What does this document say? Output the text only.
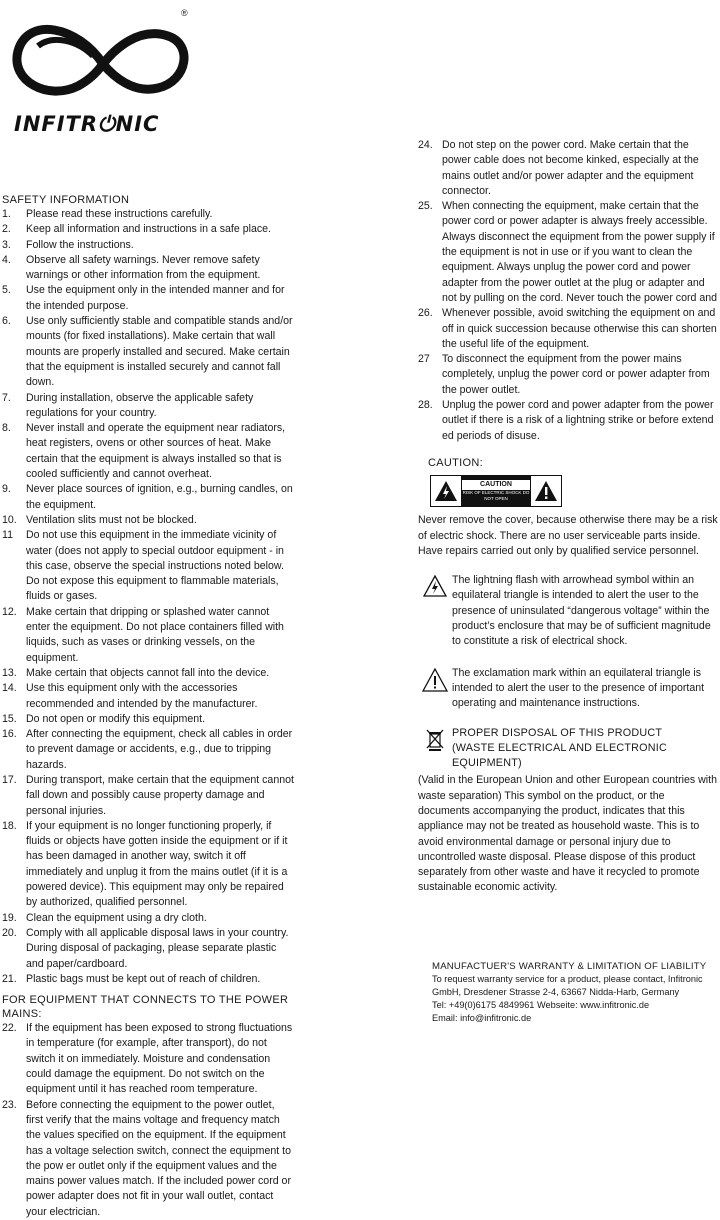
®
INFITR⏻NIC
SAFETY INFORMATION
1. Please read these instructions carefully.
2. Keep all information and instructions in a safe place.
3. Follow the instructions.
4. Observe all safety warnings. Never remove safety warnings or other information from the equipment.
5. Use the equipment only in the intended manner and for the intended purpose.
6. Use only sufficiently stable and compatible stands and/or mounts (for fixed installations). Make certain that wall mounts are properly installed and secured. Make certain that the equipment is installed securely and cannot fall down.
7. During installation, observe the applicable safety regulations for your country.
8. Never install and operate the equipment near radiators, heat registers, ovens or other sources of heat. Make certain that the equipment is always installed so that is cooled sufficiently and cannot overheat.
9. Never place sources of ignition, e.g., burning candles, on the equipment.
10. Ventilation slits must not be blocked.
11 Do not use this equipment in the immediate vicinity of water (does not apply to special outdoor equipment - in this case, observe the special instructions noted below. Do not expose this equipment to flammable materials, fluids or gases.
12. Make certain that dripping or splashed water cannot enter the equipment. Do not place containers filled with liquids, such as vases or drinking vessels, on the equipment.
13. Make certain that objects cannot fall into the device.
14. Use this equipment only with the accessories recommended and intended by the manufacturer.
15. Do not open or modify this equipment.
16. After connecting the equipment, check all cables in order to prevent damage or accidents, e.g., due to tripping hazards.
17. During transport, make certain that the equipment cannot fall down and possibly cause property damage and personal injuries.
18. If your equipment is no longer functioning properly, if fluids or objects have gotten inside the equipment or if it has been damaged in another way, switch it off immediately and unplug it from the mains outlet (if it is a powered device). This equipment may only be repaired by authorized, qualified personnel.
19. Clean the equipment using a dry cloth.
20. Comply with all applicable disposal laws in your country. During disposal of packaging, please separate plastic and paper/cardboard.
21. Plastic bags must be kept out of reach of children.
FOR EQUIPMENT THAT CONNECTS TO THE POWER MAINS:
22. If the equipment has been exposed to strong fluctuations in temperature (for example, after transport), do not switch it on immediately. Moisture and condensation could damage the equipment. Do not switch on the equipment until it has reached room temperature.
23. Before connecting the equipment to the power outlet, first verify that the mains voltage and frequency match the values specified on the equipment. If the equipment has a voltage selection switch, connect the equipment to the pow er outlet only if the equipment values and the mains power values match. If the included power cord or power adapter does not fit in your wall outlet, contact your electrician.
24. Do not step on the power cord. Make certain that the power cable does not become kinked, especially at the mains outlet and/or power adapter and the equipment connector.
25. When connecting the equipment, make certain that the power cord or power adapter is always freely accessible. Always disconnect the equipment from the power supply if the equipment is not in use or if you want to clean the equipment. Always unplug the power cord and power adapter from the power outlet at the plug or adapter and not by pulling on the cord. Never touch the power cord and
26. Whenever possible, avoid switching the equipment on and off in quick succession because otherwise this can shorten the useful life of the equipment.
27 To disconnect the equipment from the power mains completely, unplug the power cord or power adapter from the power outlet.
28. Unplug the power cord and power adapter from the power outlet if there is a risk of a lightning strike or before extend ed periods of disuse.
CAUTION:
CAUTION
RISK OF ELECTRIC SHOCK DO NOT OPEN

Never remove the cover, because otherwise there may be a risk of electric shock. There are no user serviceable parts inside. Have repairs carried out only by qualified service personnel.

The lightning flash with arrowhead symbol within an equilateral triangle is intended to alert the user to the presence of uninsulated “dangerous voltage” within the product’s enclosure that may be of sufficient magnitude to constitute a risk of electrical shock.
The exclamation mark within an equilateral triangle is intended to alert the user to the presence of important operating and maintenance instructions.
PROPER DISPOSAL OF THIS PRODUCT
(WASTE ELECTRICAL AND ELECTRONIC EQUIPMENT)

(Valid in the European Union and other European countries with waste separation) This symbol on the product, or the documents accompanying the product, indicates that this appliance may not be treated as household waste. This is to avoid environmental damage or personal injury due to uncontrolled waste disposal. Please dispose of this product separately from other waste and have it recycled to promote sustainable economic activity.

MANUFACTUER'S WARRANTY & LIMITATION OF LIABILITY
To request warranty service for a product, please contact, Infitronic
GmbH, Dresdener Strasse 2-4, 63667 Nidda-Harb, Germany
Tel: +49(0)6175 4849961 Webseite: www.infitronic.de
Email: info@infitronic.de
